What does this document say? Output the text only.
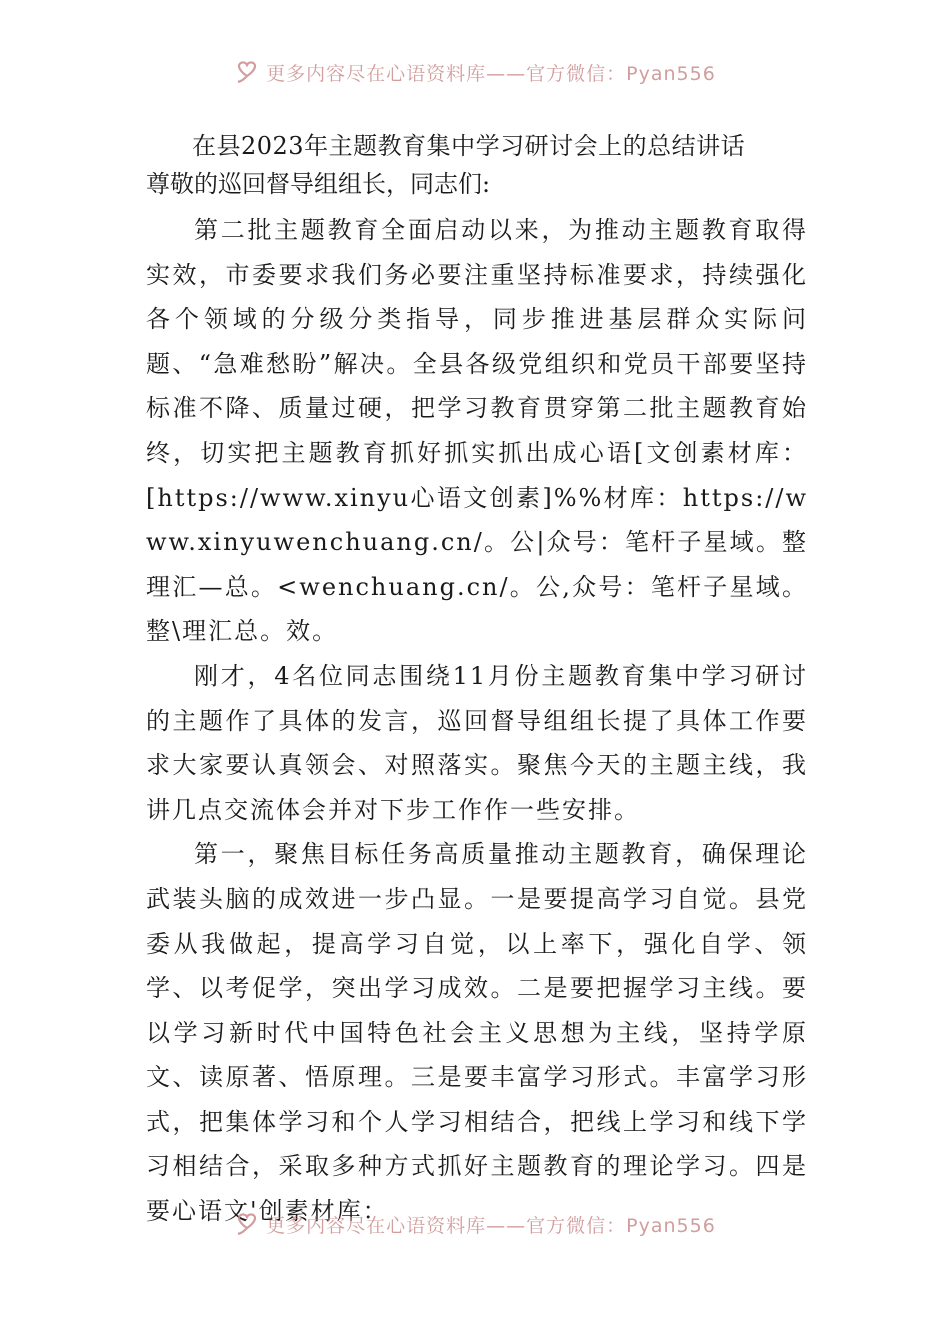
更多内容尽在心语资料库——官方微信：Pyan556
在县2023年主题教育集中学习研讨会上的总结讲话
尊敬的巡回督导组组长，同志们:

第二批主题教育全面启动以来，为推动主题教育取得实效，市委要求我们务必要注重坚持标准要求，持续强化各个领域的分级分类指导，同步推进基层群众实际问题、“急难愁盼”解决。全县各级党组织和党员干部要坚持标准不降、质量过硬，把学习教育贯穿第二批主题教育始终，切实把主题教育抓好抓实抓出成心语[文创素材库：[https://www.xinyu心语文创素]%%材库：https://www.xinyuwenchuang.cn/。公|众号：笔杆子星域。整理汇—总。<wenchuang.cn/。公,众号：笔杆子星域。整\理汇总。效。

刚才，4名位同志围绕11月份主题教育集中学习研讨的主题作了具体的发言，巡回督导组组长提了具体工作要求大家要认真领会、对照落实。聚焦今天的主题主线，我讲几点交流体会并对下步工作作一些安排。

第一，聚焦目标任务高质量推动主题教育，确保理论武装头脑的成效进一步凸显。一是要提高学习自觉。县党委从我做起，提高学习自觉，以上率下，强化自学、领学、以考促学，突出学习成效。二是要把握学习主线。要以学习新时代中国特色社会主义思想为主线，坚持学原文、读原著、悟原理。三是要丰富学习形式。丰富学习形式，把集体学习和个人学习相结合，把线上学习和线下学习相结合，采取多种方式抓好主题教育的理论学习。四是要心语文'创素材库：

更多内容尽在心语资料库——官方微信：Pyan556
